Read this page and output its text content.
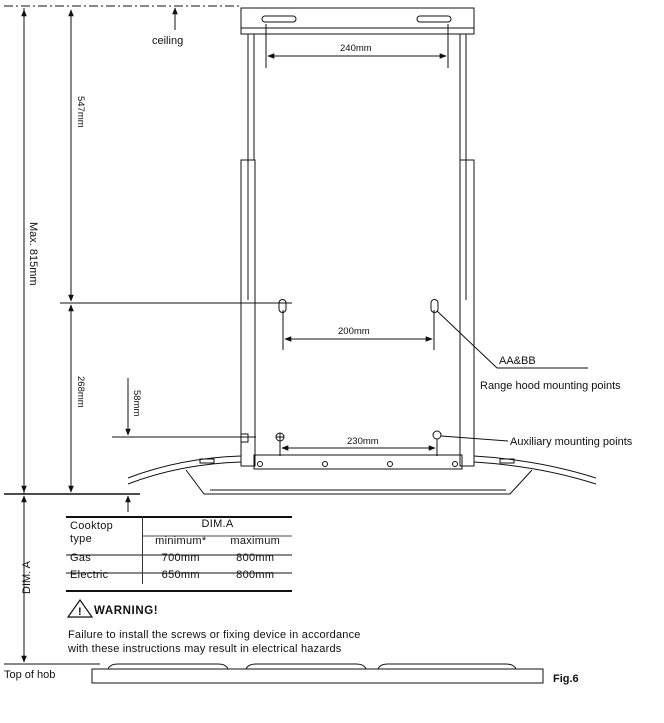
ceiling
240mm
200mm
AA&BB
Range hood mounting points
230mm	Auxiliary mounting points
547mm
Max. 815mm
268mm	58mm
DIM. A
!
Cooktop
type	DIM.A	
	minimum*	maximum
Gas	700mm	800mm
Electric	650mm	800mm
WARNING!
Failure to install the screws or fixing device in accordance
with these instructions may result in electrical hazards
Top of hob	Fig.6
